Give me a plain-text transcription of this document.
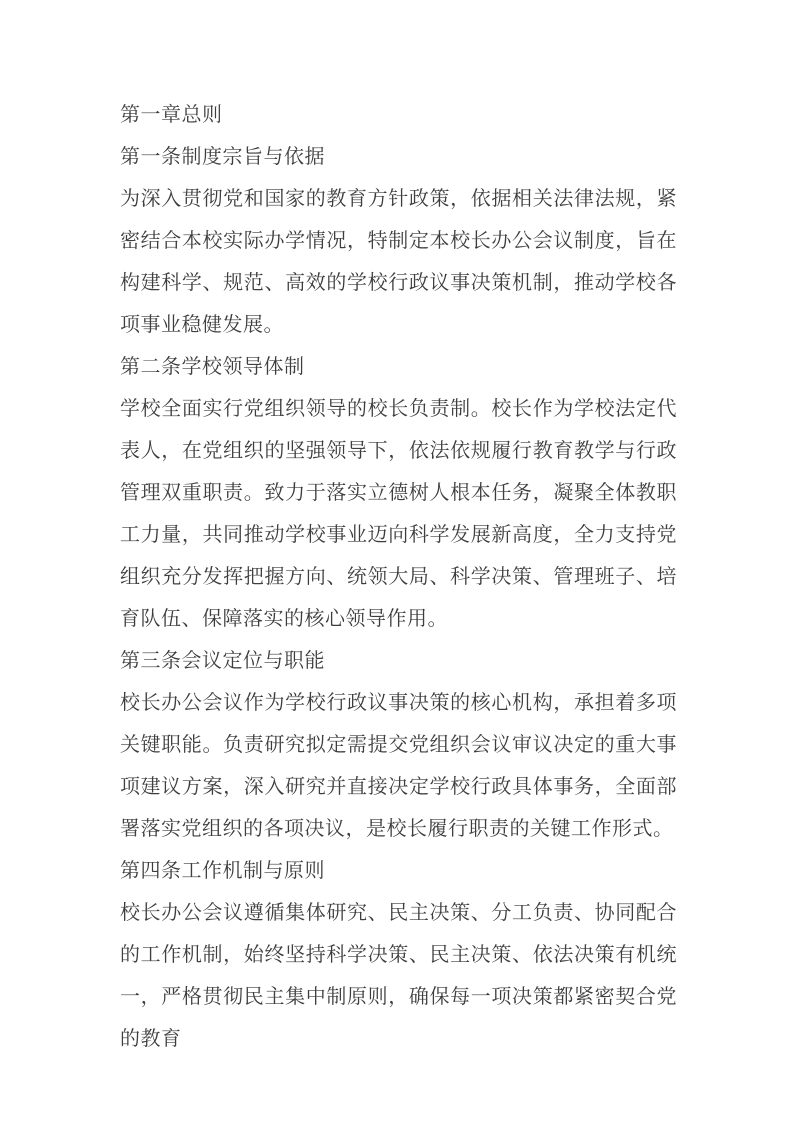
第一章总则

第一条制度宗旨与依据

为深入贯彻党和国家的教育方针政策，依据相关法律法规，紧密结合本校实际办学情况，特制定本校长办公会议制度，旨在构建科学、规范、高效的学校行政议事决策机制，推动学校各项事业稳健发展。

第二条学校领导体制

学校全面实行党组织领导的校长负责制。校长作为学校法定代表人，在党组织的坚强领导下，依法依规履行教育教学与行政管理双重职责。致力于落实立德树人根本任务，凝聚全体教职工力量，共同推动学校事业迈向科学发展新高度，全力支持党组织充分发挥把握方向、统领大局、科学决策、管理班子、培育队伍、保障落实的核心领导作用。

第三条会议定位与职能

校长办公会议作为学校行政议事决策的核心机构，承担着多项关键职能。负责研究拟定需提交党组织会议审议决定的重大事项建议方案，深入研究并直接决定学校行政具体事务，全面部署落实党组织的各项决议，是校长履行职责的关键工作形式。

第四条工作机制与原则

校长办公会议遵循集体研究、民主决策、分工负责、协同配合的工作机制，始终坚持科学决策、民主决策、依法决策有机统一，严格贯彻民主集中制原则，确保每一项决策都紧密契合党的教育
